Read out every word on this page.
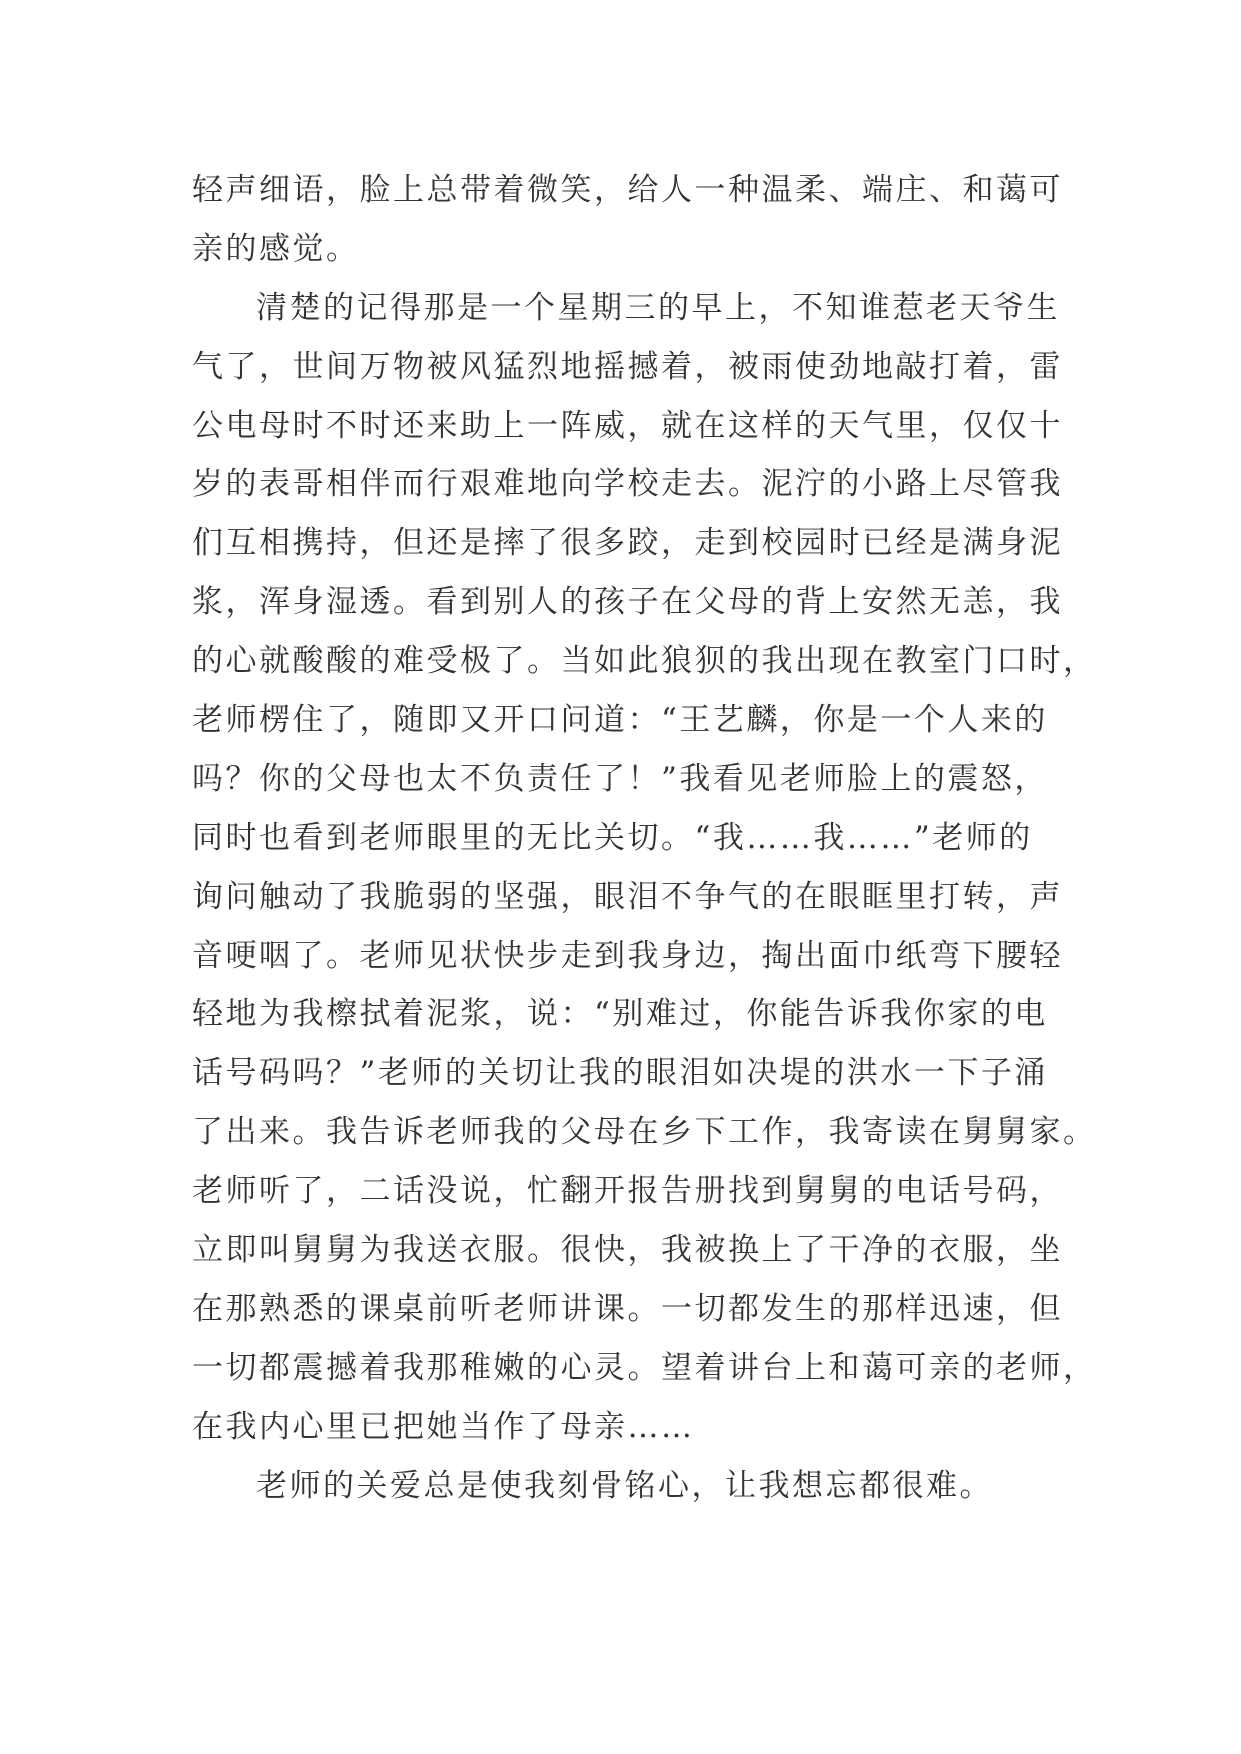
轻声细语，脸上总带着微笑，给人一种温柔、端庄、和蔼可
亲的感觉。
清楚的记得那是一个星期三的早上，不知谁惹老天爷生
气了，世间万物被风猛烈地摇撼着，被雨使劲地敲打着，雷
公电母时不时还来助上一阵威，就在这样的天气里，仅仅十
岁的表哥相伴而行艰难地向学校走去。泥泞的小路上尽管我
们互相携持，但还是摔了很多跤，走到校园时已经是满身泥
浆，浑身湿透。看到别人的孩子在父母的背上安然无恙，我
的心就酸酸的难受极了。当如此狼狈的我出现在教室门口时，
老师楞住了，随即又开口问道：“王艺麟，你是一个人来的
吗？你的父母也太不负责任了！”我看见老师脸上的震怒，
同时也看到老师眼里的无比关切。“我……我……”老师的
询问触动了我脆弱的坚强，眼泪不争气的在眼眶里打转，声
音哽咽了。老师见状快步走到我身边，掏出面巾纸弯下腰轻
轻地为我檫拭着泥浆，说：“别难过，你能告诉我你家的电
话号码吗？”老师的关切让我的眼泪如决堤的洪水一下子涌
了出来。我告诉老师我的父母在乡下工作，我寄读在舅舅家。
老师听了，二话没说，忙翻开报告册找到舅舅的电话号码，
立即叫舅舅为我送衣服。很快，我被换上了干净的衣服，坐
在那熟悉的课桌前听老师讲课。一切都发生的那样迅速，但
一切都震撼着我那稚嫩的心灵。望着讲台上和蔼可亲的老师，
在我内心里已把她当作了母亲……
老师的关爱总是使我刻骨铭心，让我想忘都很难。
